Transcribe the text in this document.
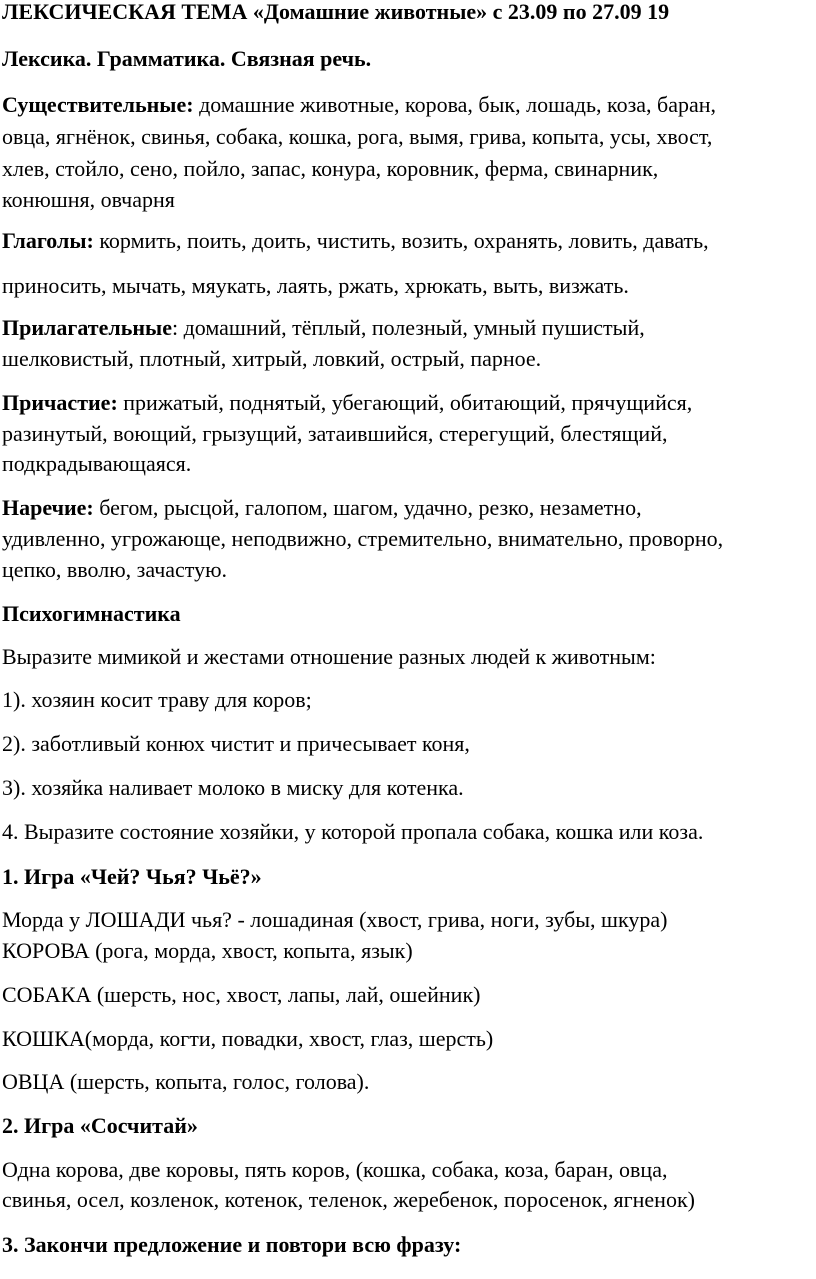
ЛЕКСИЧЕСКАЯ ТЕМА «Домашние животные» с 23.09 по 27.09 19
Лексика. Грамматика. Связная речь.
Существительные: домашние животные, корова, бык, лошадь, коза, баран,
овца, ягнёнок, свинья, собака, кошка, рога, вымя, грива, копыта, усы, хвост,
хлев, стойло, сено, пойло, запас, конура, коровник, ферма, свинарник,
конюшня, овчарня
Глаголы: кормить, поить, доить, чистить, возить, охранять, ловить, давать,
приносить, мычать, мяукать, лаять, ржать, хрюкать, выть, визжать.
Прилагательные: домашний, тёплый, полезный, умный пушистый,
шелковистый, плотный, хитрый, ловкий, острый, парное.
Причастие: прижатый, поднятый, убегающий, обитающий, прячущийся,
разинутый, воющий, грызущий, затаившийся, стерегущий, блестящий,
подкрадывающаяся.
Наречие: бегом, рысцой, галопом, шагом, удачно, резко, незаметно,
удивленно, угрожающе, неподвижно, стремительно, внимательно, проворно,
цепко, вволю, зачастую.
Психогимнастика
Выразите мимикой и жестами отношение разных людей к животным:
1). хозяин косит траву для коров;
2). заботливый конюх чистит и причесывает коня,
3). хозяйка наливает молоко в миску для котенка.
4. Выразите состояние хозяйки, у которой пропала собака, кошка или коза.
1. Игра «Чей? Чья? Чьё?»
Морда у ЛОШАДИ чья? - лошадиная (хвост, грива, ноги, зубы, шкура)
КОРОВА (рога, морда, хвост, копыта, язык)
СОБАКА (шерсть, нос, хвост, лапы, лай, ошейник)
КОШКА(морда, когти, повадки, хвост, глаз, шерсть)
ОВЦА (шерсть, копыта, голос, голова).
2. Игра «Сосчитай»
Одна корова, две коровы, пять коров, (кошка, собака, коза, баран, овца,
свинья, осел, козленок, котенок, теленок, жеребенок, поросенок, ягненок)
3. Закончи предложение и повтори всю фразу:
